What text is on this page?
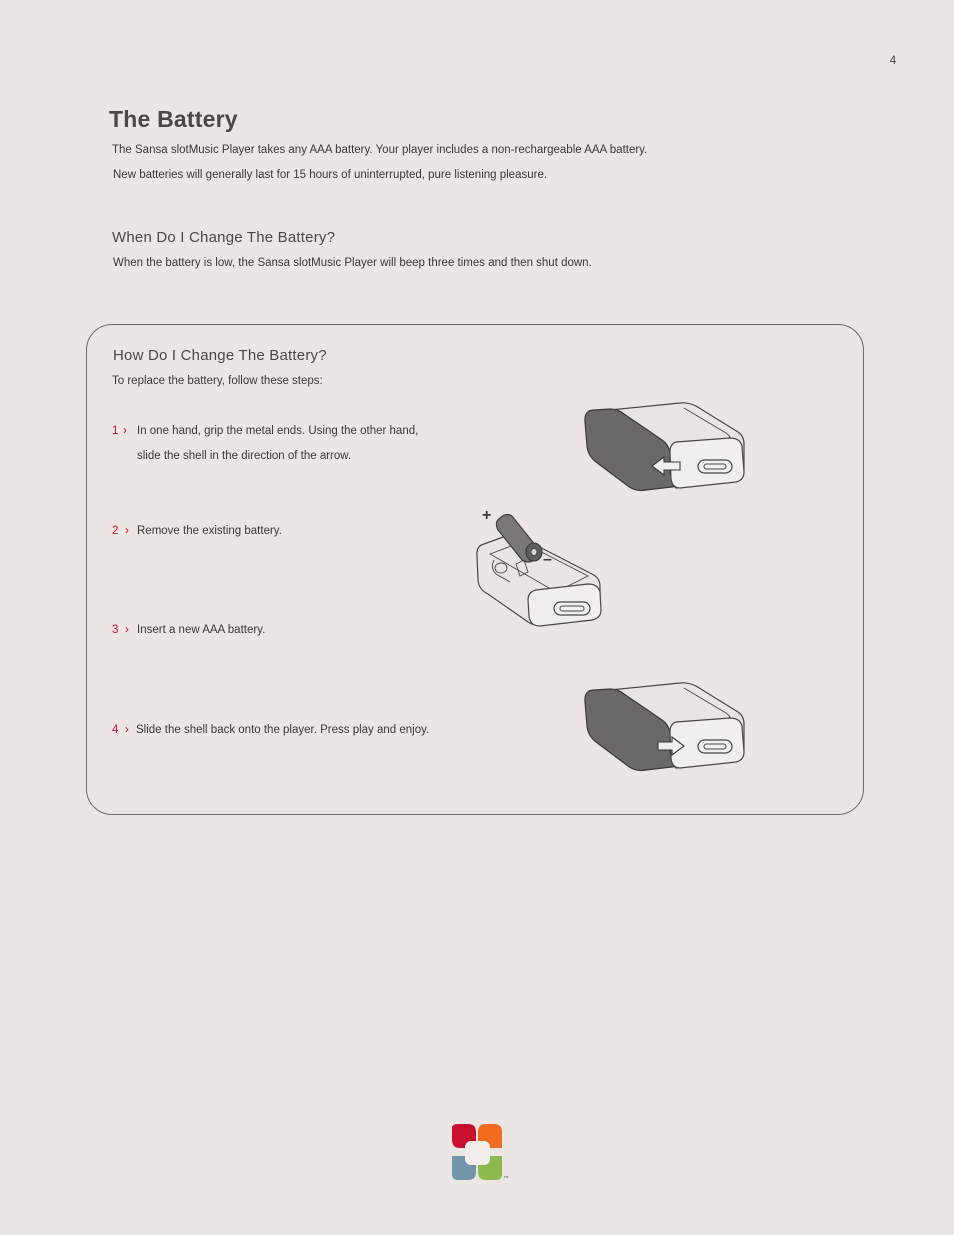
4
The Battery
The Sansa slotMusic Player takes any AAA battery. Your player includes a non-rechargeable AAA battery.
New batteries will generally last for 15 hours of uninterrupted, pure listening pleasure.
When Do I Change The Battery?
When the battery is low, the Sansa slotMusic Player will beep three times and then shut down.
How Do I Change The Battery?
To replace the battery, follow these steps:
1 › In one hand, grip the metal ends. Using the other hand,
slide the shell in the direction of the arrow.
2 › Remove the existing battery.
3 › Insert a new AAA battery.
4 › Slide the shell back onto the player. Press play and enjoy.
+
–
TM
